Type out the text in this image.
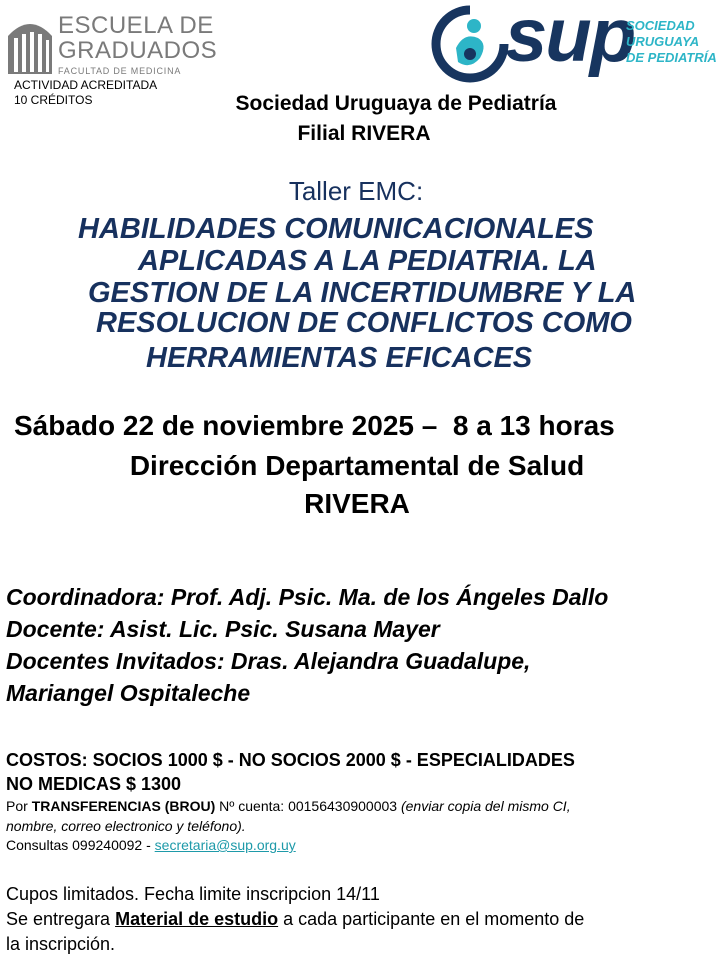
ESCUELA DE
GRADUADOS
FACULTAD DE MEDICINA
ACTIVIDAD ACREDITADA
10 CRÉDITOS
sup
SOCIEDAD
URUGUAYA
DE PEDIATRÍA
Sociedad Uruguaya de Pediatría
Filial RIVERA
Taller EMC:
HABILIDADES COMUNICACIONALES
APLICADAS A LA PEDIATRIA. LA
GESTION DE LA INCERTIDUMBRE Y LA
RESOLUCION DE CONFLICTOS COMO
HERRAMIENTAS EFICACES
Sábado 22 de noviembre 2025 –  8 a 13 horas
Dirección Departamental de Salud
RIVERA
Coordinadora: Prof. Adj. Psic. Ma. de los Ángeles Dallo
Docente: Asist. Lic. Psic. Susana Mayer
Docentes Invitados: Dras. Alejandra Guadalupe,
Mariangel Ospitaleche
COSTOS: SOCIOS 1000 $ - NO SOCIOS 2000 $ - ESPECIALIDADES
NO MEDICAS $ 1300
Por TRANSFERENCIAS (BROU) Nº cuenta: 00156430900003 (enviar copia del mismo CI,
nombre, correo electronico y teléfono).
Consultas 099240092 - secretaria@sup.org.uy
Cupos limitados. Fecha limite inscripcion 14/11
Se entregara Material de estudio a cada participante en el momento de
la inscripción.
